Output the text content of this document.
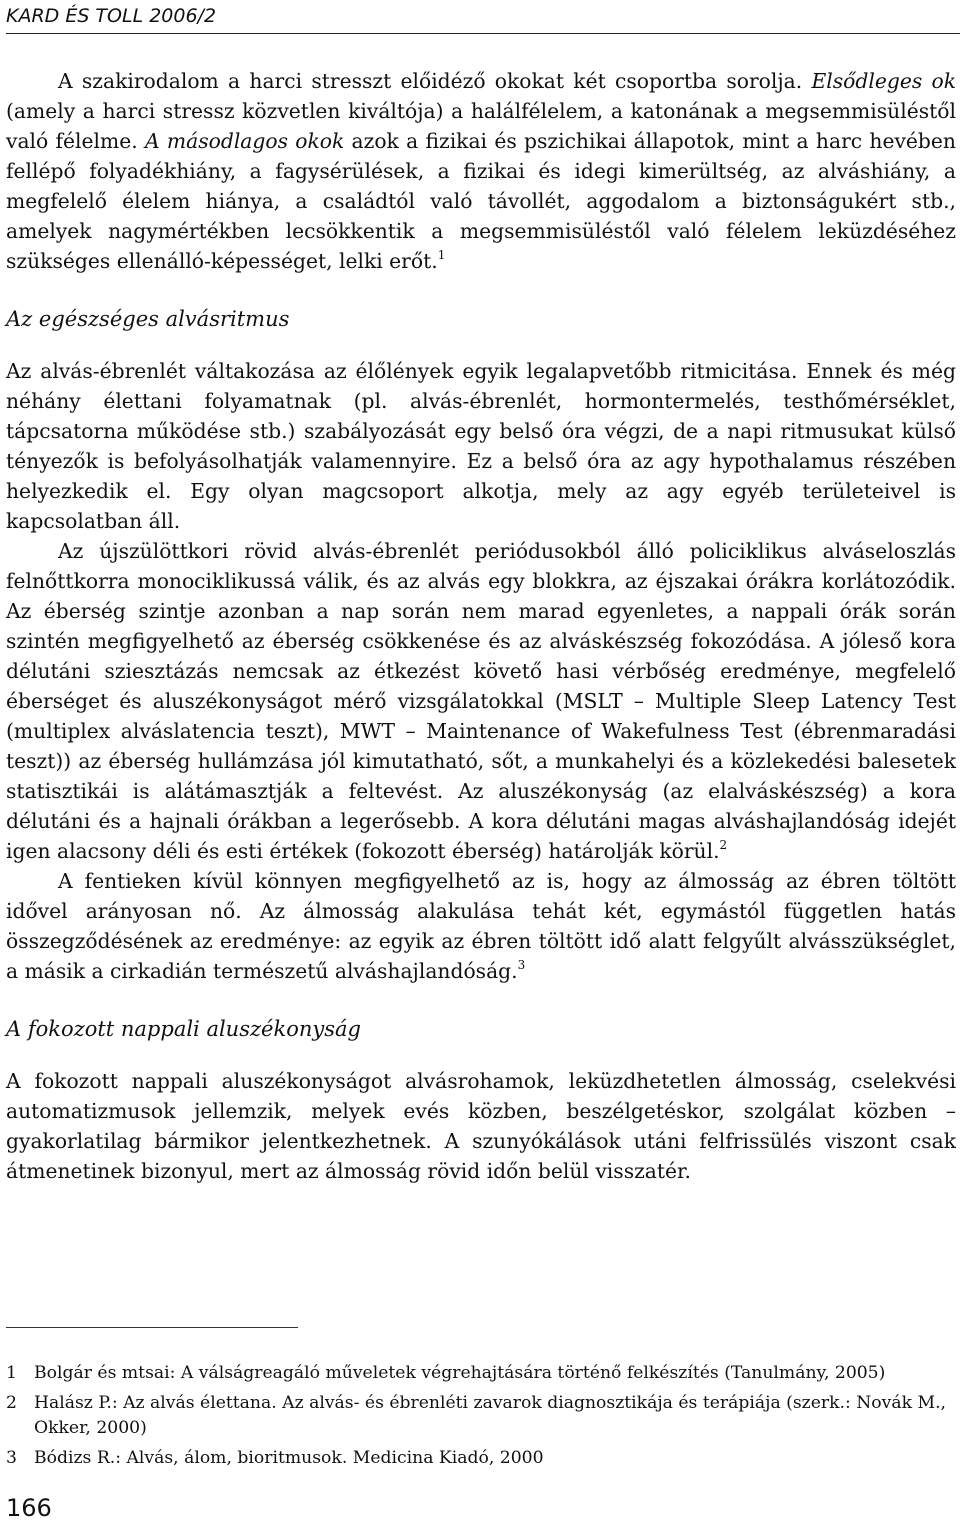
KARD ÉS TOLL 2006/2

A szakirodalom a harci stresszt előidéző okokat két csoportba sorolja. Elsődleges ok (amely a harci stressz közvetlen kiváltója) a halálfélelem, a katonának a megsemmisüléstől való félelme. A másodlagos okok azok a fizikai és pszichikai állapotok, mint a harc hevében fellépő folyadékhiány, a fagysérülések, a fizikai és idegi kimerültség, az alváshiány, a megfelelő élelem hiánya, a családtól való távollét, aggodalom a biztonságukért stb., amelyek nagymértékben lecsökkentik a megsemmisüléstől való félelem leküzdéséhez szükséges ellenálló-képességet, lelki erőt.$^1$

Az egészséges alvásritmus

Az alvás-ébrenlét váltakozása az élőlények egyik legalapvetőbb ritmicitása. Ennek és még néhány élettani folyamatnak (pl. alvás-ébrenlét, hormontermelés, testhőmérséklet, tápcsatorna működése stb.) szabályozását egy belső óra végzi, de a napi ritmusukat külső tényezők is befolyásolhatják valamennyire. Ez a belső óra az agy hypothalamus részében helyezkedik el. Egy olyan magcsoport alkotja, mely az agy egyéb területeivel is kapcsolatban áll.

Az újszülöttkori rövid alvás-ébrenlét periódusokból álló policiklikus alváseloszlás felnőttkorra monociklikussá válik, és az alvás egy blokkra, az éjszakai órákra korlátozódik. Az éberség szintje azonban a nap során nem marad egyenletes, a nappali órák során szintén megfigyelhető az éberség csökkenése és az alváskészség fokozódása. A jóleső kora délutáni sziesztázás nemcsak az étkezést követő hasi vérbőség eredménye, megfelelő éberséget és aluszékonyságot mérő vizsgálatokkal (MSLT – Multiple Sleep Latency Test (multiplex alváslatencia teszt), MWT – Maintenance of Wakefulness Test (ébrenmaradási teszt)) az éberség hullámzása jól kimutatható, sőt, a munkahelyi és a közlekedési balesetek statisztikái is alátámasztják a feltevést. Az aluszékonyság (az elalváskészség) a kora délutáni és a hajnali órákban a legerősebb. A kora délutáni magas alváshajlandóság idejét igen alacsony déli és esti értékek (fokozott éberség) határolják körül.$^2$

A fentieken kívül könnyen megfigyelhető az is, hogy az álmosság az ébren töltött idővel arányosan nő. Az álmosság alakulása tehát két, egymástól független hatás összegződésének az eredménye: az egyik az ébren töltött idő alatt felgyűlt alvásszükséglet, a másik a cirkadián természetű alváshajlandóság.$^3$

A fokozott nappali aluszékonyság

A fokozott nappali aluszékonyságot alvásrohamok, leküzdhetetlen álmosság, cselekvési automatizmusok jellemzik, melyek evés közben, beszélgetéskor, szolgálat közben – gyakorlatilag bármikor jelentkezhetnek. A szunyókálások utáni felfrissülés viszont csak átmenetinek bizonyul, mert az álmosság rövid időn belül visszatér.

1 Bolgár és mtsai: A válságreagáló műveletek végrehajtására történő felkészítés (Tanulmány, 2005)
2 Halász P.: Az alvás élettana. Az alvás- és ébrenléti zavarok diagnosztikája és terápiája (szerk.: Novák M., Okker, 2000)
3 Bódizs R.: Alvás, álom, bioritmusok. Medicina Kiadó, 2000
166
